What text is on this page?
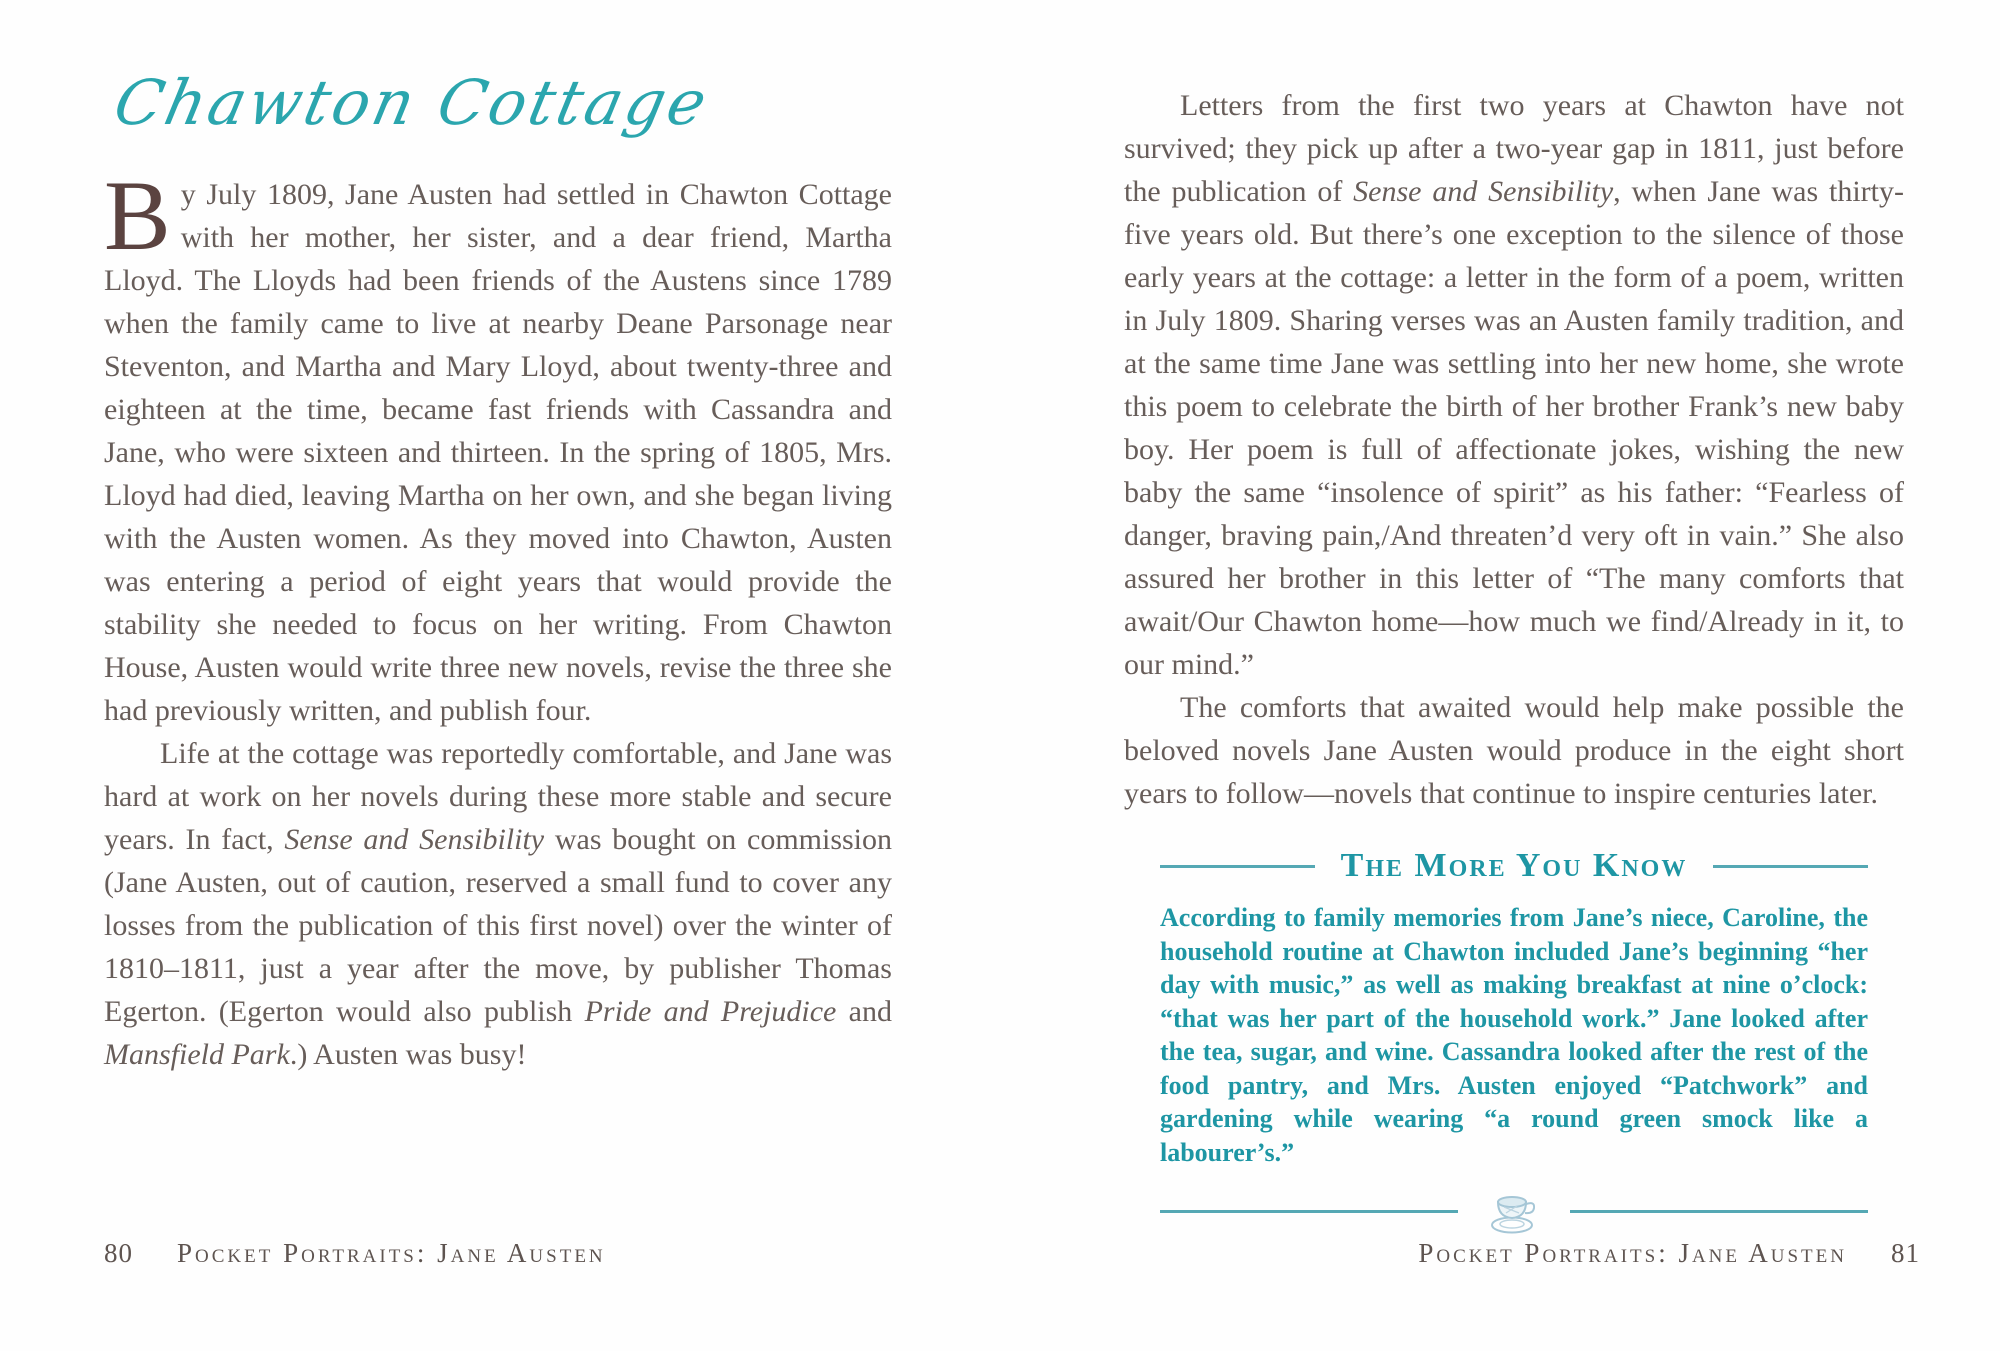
Chawton Cottage

By July 1809, Jane Austen had settled in Chawton Cottage with her mother, her sister, and a dear friend, Martha Lloyd. The Lloyds had been friends of the Austens since 1789 when the family came to live at nearby Deane Parsonage near Steventon, and Martha and Mary Lloyd, about twenty-three and eighteen at the time, became fast friends with Cassandra and Jane, who were sixteen and thirteen. In the spring of 1805, Mrs. Lloyd had died, leaving Martha on her own, and she began living with the Austen women. As they moved into Chawton, Austen was entering a period of eight years that would provide the stability she needed to focus on her writing. From Chawton House, Austen would write three new novels, revise the three she had previously written, and publish four.

Life at the cottage was reportedly comfortable, and Jane was hard at work on her novels during these more stable and secure years. In fact, Sense and Sensibility was bought on commission (Jane Austen, out of caution, reserved a small fund to cover any losses from the publication of this first novel) over the winter of 1810–1811, just a year after the move, by publisher Thomas Egerton. (Egerton would also publish Pride and Prejudice and Mansfield Park.) Austen was busy!

Letters from the first two years at Chawton have not survived; they pick up after a two-year gap in 1811, just before the publication of Sense and Sensibility, when Jane was thirty-five years old. But there’s one exception to the silence of those early years at the cottage: a letter in the form of a poem, written in July 1809. Sharing verses was an Austen family tradition, and at the same time Jane was settling into her new home, she wrote this poem to celebrate the birth of her brother Frank’s new baby boy. Her poem is full of affectionate jokes, wishing the new baby the same “insolence of spirit” as his father: “Fearless of danger, braving pain,/And threaten’d very oft in vain.” She also assured her brother in this letter of “The many comforts that await/Our Chawton home—how much we find/Already in it, to our mind.”

The comforts that awaited would help make possible the beloved novels Jane Austen would produce in the eight short years to follow—novels that continue to inspire centuries later.

The More You Know

According to family memories from Jane’s niece, Caroline, the household routine at Chawton included Jane’s beginning “her day with music,” as well as making breakfast at nine o’clock: “that was her part of the household work.” Jane looked after the tea, sugar, and wine. Cassandra looked after the rest of the food pantry, and Mrs. Austen enjoyed “Patchwork” and gardening while wearing “a round green smock like a labourer’s.”

80 Pocket Portraits: Jane Austen	Pocket Portraits: Jane Austen 81
